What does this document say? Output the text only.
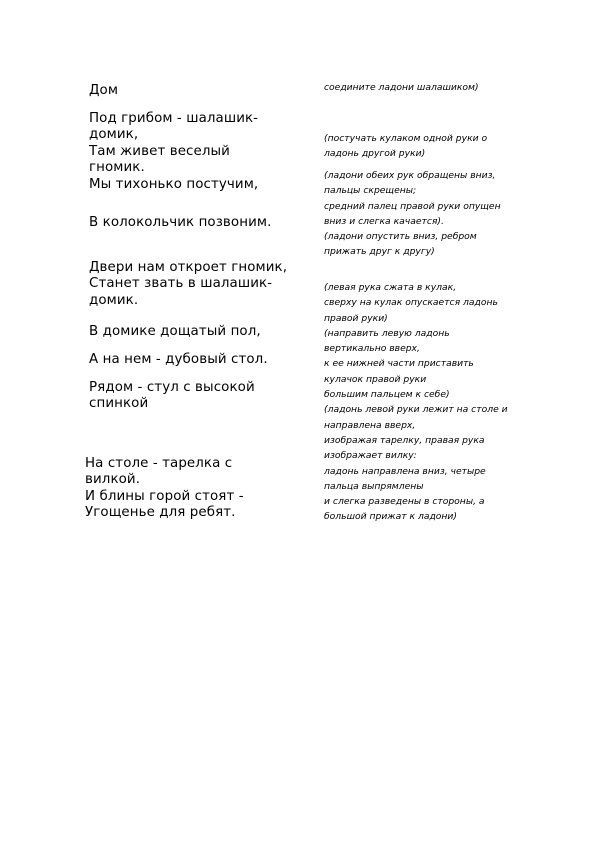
Дом
Под грибом - шалашик-
домик,
Там живет веселый
гномик.
Мы тихонько постучим,
В колокольчик позвоним.
Двери нам откроет гномик,
Станет звать в шалашик-
домик.
В домике дощатый пол,
А на нем - дубовый стол.
Рядом - стул с высокой
спинкой
На столе - тарелка с
вилкой.
И блины горой стоят -
Угощенье для ребят.
соедините ладони шалашиком)
(постучать кулаком одной руки о
ладонь другой руки)
(ладони обеих рук обращены вниз,
пальцы скрещены;
средний палец правой руки опущен
вниз и слегка качается).
(ладони опустить вниз, ребром
прижать друг к другу)
(левая рука сжата в кулак,
сверху на кулак опускается ладонь
правой руки)
(направить левую ладонь
вертикально вверх,
к ее нижней части приставить
кулачок правой руки
большим пальцем к себе)
(ладонь левой руки лежит на столе и
направлена вверх,
изображая тарелку, правая рука
изображает вилку:
ладонь направлена вниз, четыре
пальца выпрямлены
и слегка разведены в стороны, а
большой прижат к ладони)
